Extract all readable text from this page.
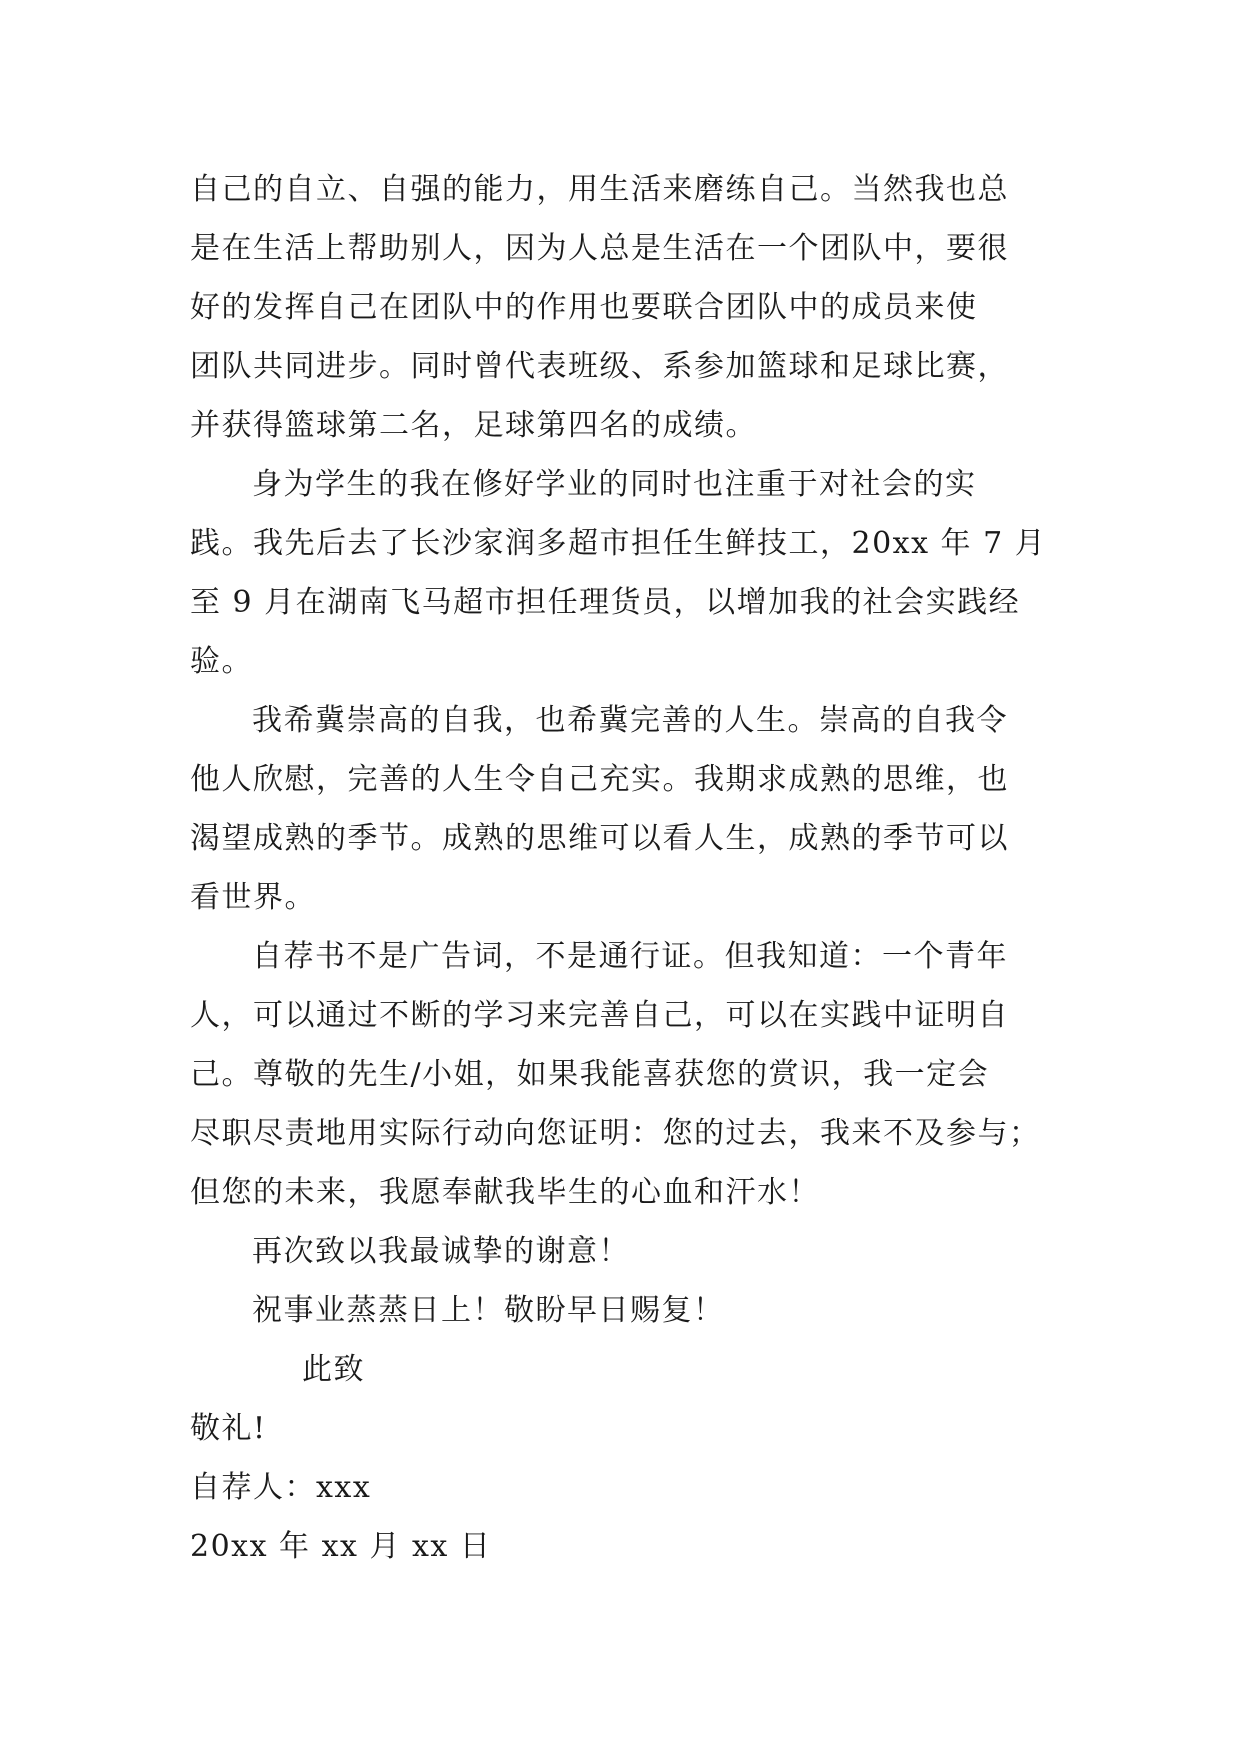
自己的自立、自强的能力，用生活来磨练自己。当然我也总
是在生活上帮助别人，因为人总是生活在一个团队中，要很
好的发挥自己在团队中的作用也要联合团队中的成员来使
团队共同进步。同时曾代表班级、系参加篮球和足球比赛，
并获得篮球第二名，足球第四名的成绩。
身为学生的我在修好学业的同时也注重于对社会的实
践。我先后去了长沙家润多超市担任生鲜技工，20xx 年 7 月
至 9 月在湖南飞马超市担任理货员，以增加我的社会实践经
验。
我希冀崇高的自我，也希冀完善的人生。崇高的自我令
他人欣慰，完善的人生令自己充实。我期求成熟的思维，也
渴望成熟的季节。成熟的思维可以看人生，成熟的季节可以
看世界。
自荐书不是广告词，不是通行证。但我知道：一个青年
人，可以通过不断的学习来完善自己，可以在实践中证明自
己。尊敬的先生/小姐，如果我能喜获您的赏识，我一定会
尽职尽责地用实际行动向您证明：您的过去，我来不及参与；
但您的未来，我愿奉献我毕生的心血和汗水！
再次致以我最诚挚的谢意！
祝事业蒸蒸日上！敬盼早日赐复！
此致
敬礼!
自荐人：xxx
20xx 年 xx 月 xx 日
